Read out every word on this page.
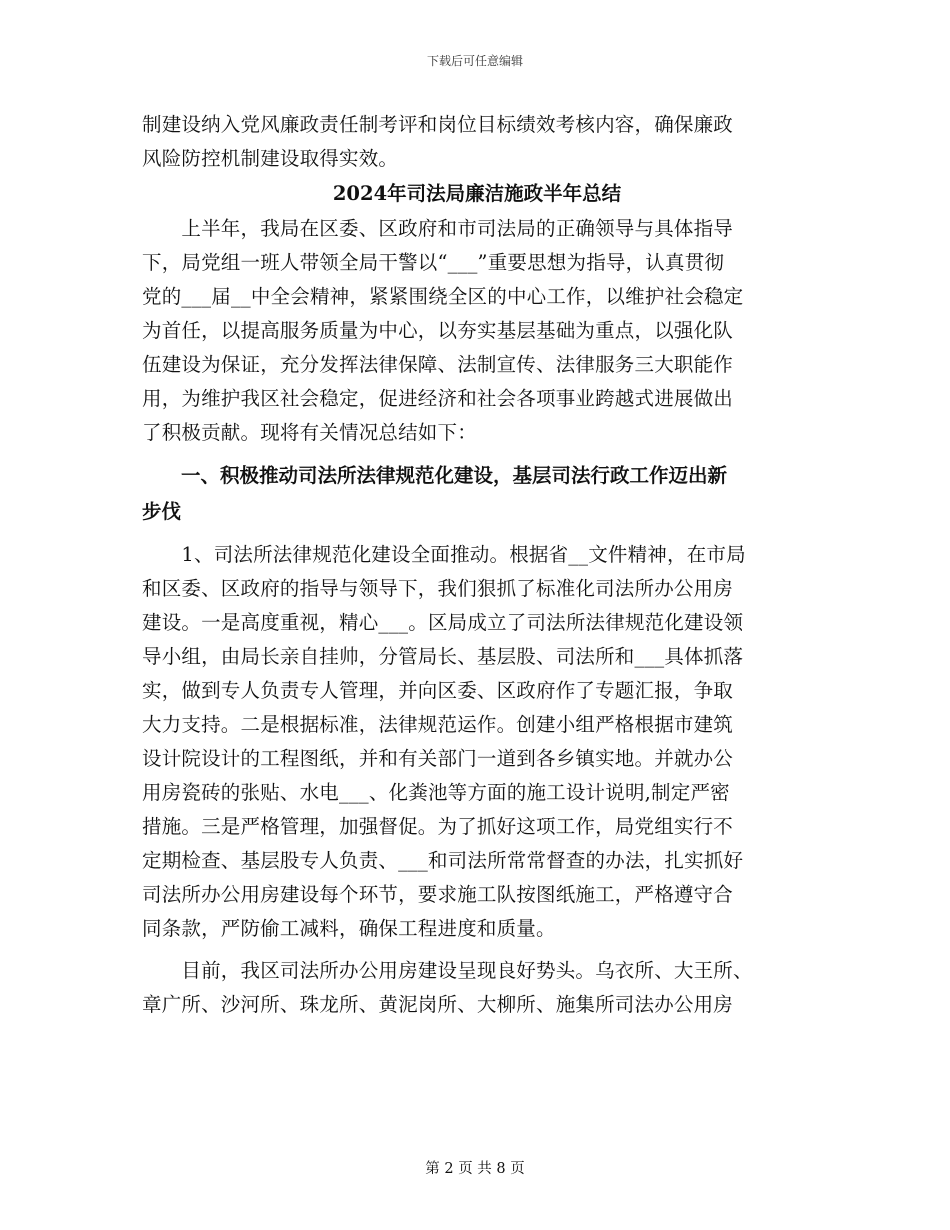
下载后可任意编辑
制建设纳入党风廉政责任制考评和岗位目标绩效考核内容，确保廉政
风险防控机制建设取得实效。
2024年司法局廉洁施政半年总结
　　上半年，我局在区委、区政府和市司法局的正确领导与具体指导
下，局党组一班人带领全局干警以“___”重要思想为指导，认真贯彻
党的___届__中全会精神，紧紧围绕全区的中心工作，以维护社会稳定
为首任，以提高服务质量为中心，以夯实基层基础为重点，以强化队
伍建设为保证，充分发挥法律保障、法制宣传、法律服务三大职能作
用，为维护我区社会稳定，促进经济和社会各项事业跨越式进展做出
了积极贡献。现将有关情况总结如下：
　　一、积极推动司法所法律规范化建设，基层司法行政工作迈出新
步伐
　　1、司法所法律规范化建设全面推动。根据省__文件精神，在市局
和区委、区政府的指导与领导下，我们狠抓了标准化司法所办公用房
建设。一是高度重视，精心___。区局成立了司法所法律规范化建设领
导小组，由局长亲自挂帅，分管局长、基层股、司法所和___具体抓落
实，做到专人负责专人管理，并向区委、区政府作了专题汇报，争取
大力支持。二是根据标准，法律规范运作。创建小组严格根据市建筑
设计院设计的工程图纸，并和有关部门一道到各乡镇实地。并就办公
用房瓷砖的张贴、水电___、化粪池等方面的施工设计说明,制定严密
措施。三是严格管理，加强督促。为了抓好这项工作，局党组实行不
定期检查、基层股专人负责、___和司法所常常督查的办法，扎实抓好
司法所办公用房建设每个环节，要求施工队按图纸施工，严格遵守合
同条款，严防偷工减料，确保工程进度和质量。
　　目前，我区司法所办公用房建设呈现良好势头。乌衣所、大王所、
章广所、沙河所、珠龙所、黄泥岗所、大柳所、施集所司法办公用房
第 2 页 共 8 页
